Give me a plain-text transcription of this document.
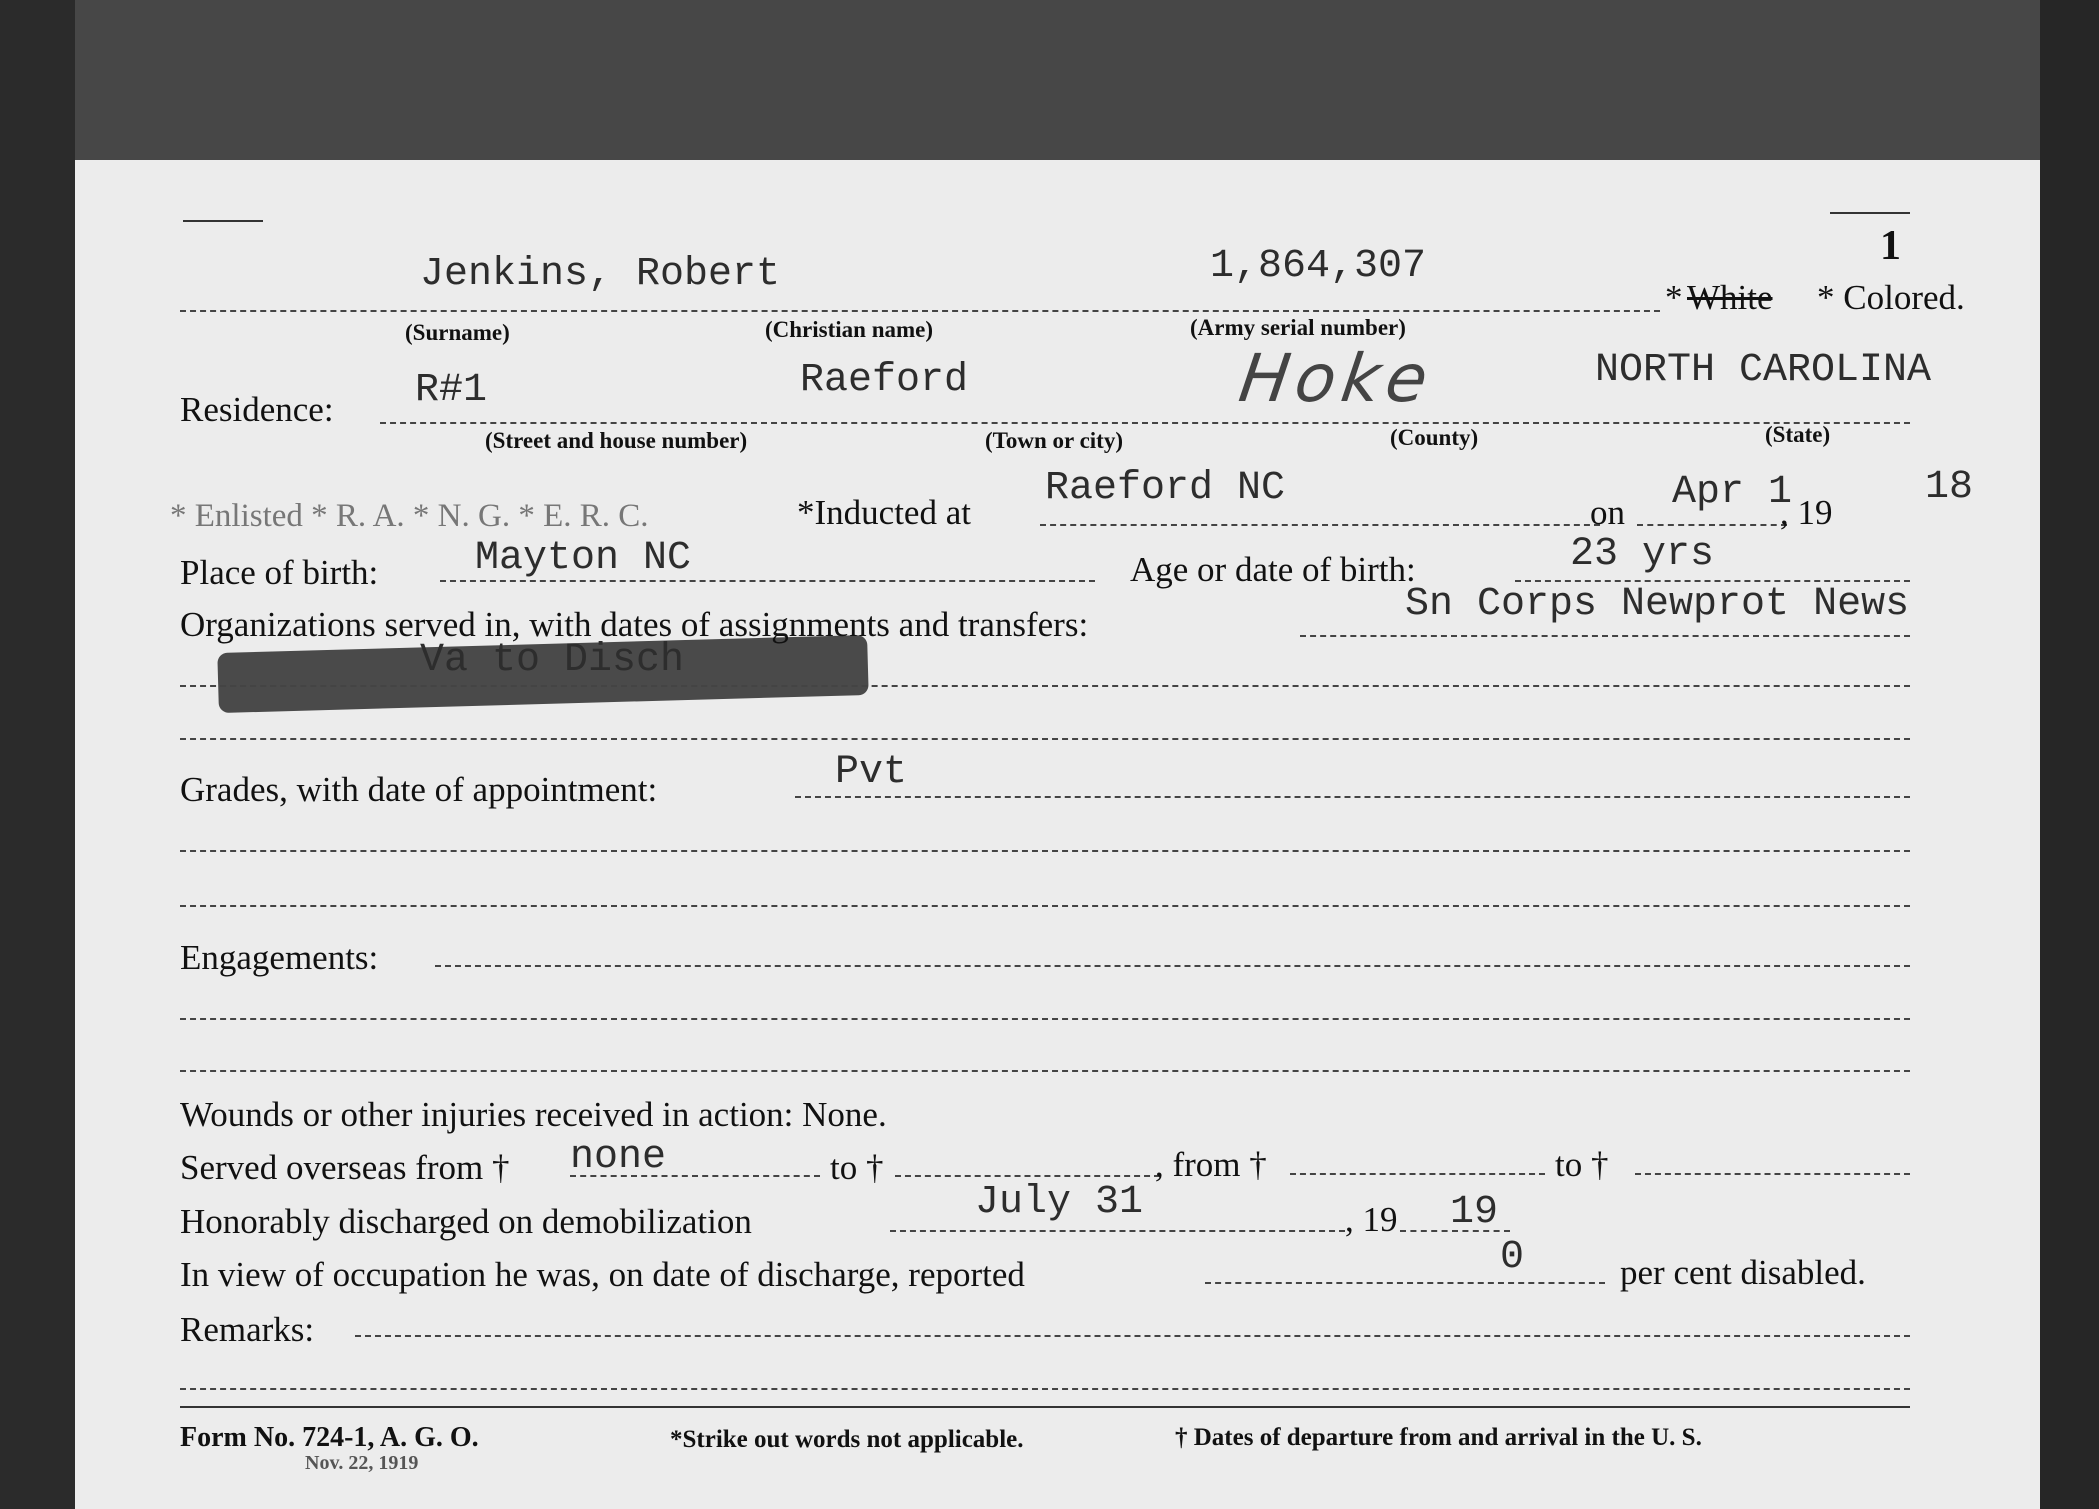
1
Jenkins, Robert	1,864,307
* White * Colored.
(Surname)	(Christian name)	(Army serial number)
Residence: R#1	Raeford	Hoke	NORTH CAROLINA
(Street and house number)	(Town or city)	(County)	(State)
* Enlisted * R. A. * N. G. * E. R. C.	*Inducted at
Raeford NC
on Apr 1
, 19
18
Place of birth: Mayton NC	Age or date of birth:	23 yrs
Organizations served in, with dates of assignments and transfers:	Sn Corps Newprot News
Va to Disch
Grades, with date of appointment:	Pvt
Engagements:
Wounds or other injuries received in action: None.
Served overseas from † none	to †	, from †	to †
Honorably discharged on demobilization	July 31	, 19 19
In view of occupation he was, on date of discharge, reported	0	per cent disabled.
Remarks:
Form No. 724-1, A. G. O.	*Strike out words not applicable.	† Dates of departure from and arrival in the U. S.
Nov. 22, 1919
